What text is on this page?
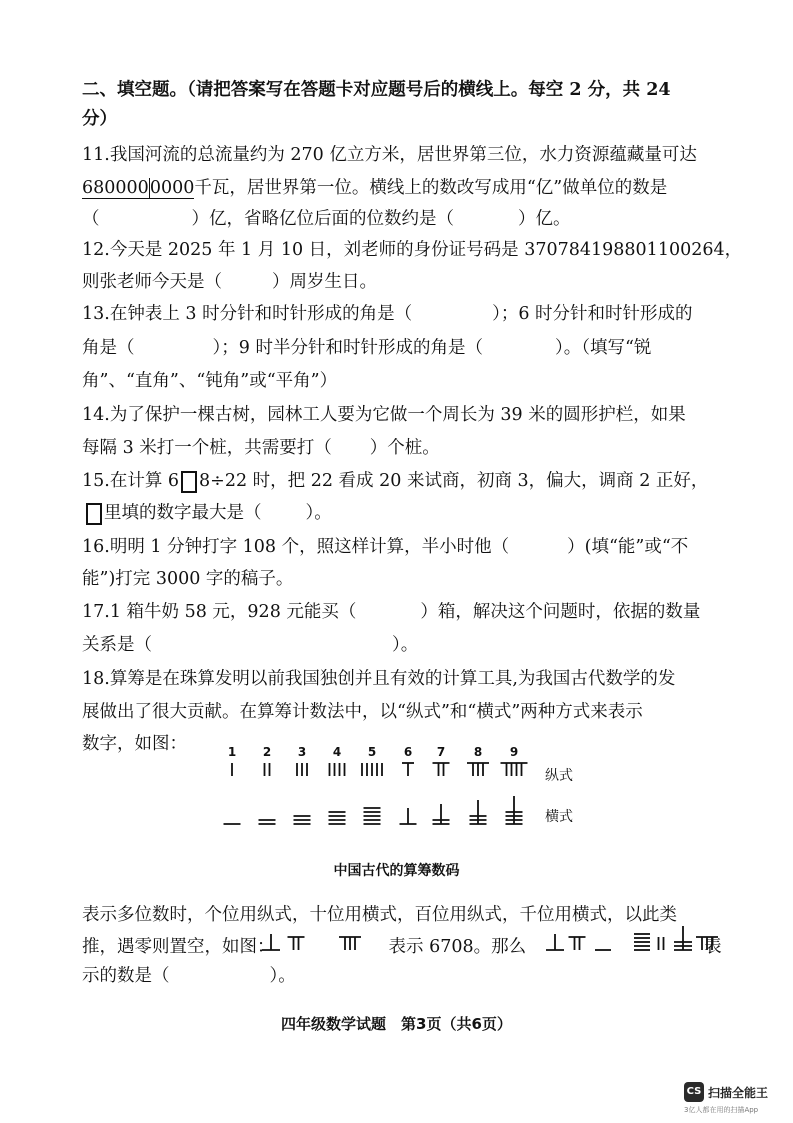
二、填空题。（请把答案写在答题卡对应题号后的横线上。每空 2 分，共 24
分）
11.我国河流的总流量约为 270 亿立方米，居世界第三位，水力资源蕴藏量可达
6800000000千瓦，居世界第一位。横线上的数改写成用“亿”做单位的数是
（	）亿，省略亿位后面的位数约是（	）亿。
12.今天是 2025 年 1 月 10 日，刘老师的身份证号码是 370784198801100264，
则张老师今天是（	）周岁生日。
13.在钟表上 3 时分针和时针形成的角是（	）；6 时分针和时针形成的
角是（	）；9 时半分针和时针形成的角是（	）。（填写“锐
角”、“直角”、“钝角”或“平角”）
14.为了保护一棵古树，园林工人要为它做一个周长为 39 米的圆形护栏，如果
每隔 3 米打一个桩，共需要打（ ）个桩。
15.在计算 6 8÷22 时，把 22 看成 20 来试商，初商 3，偏大，调商 2 正好，
里填的数字最大是（	）。
16.明明 1 分钟打字 108 个，照这样计算，半小时他（	）(填“能”或“不
能”)打完 3000 字的稿子。
17.1 箱牛奶 58 元，928 元能买（	）箱，解决这个问题时，依据的数量
关系是（	）。
18.算筹是在珠算发明以前我国独创并且有效的计算工具,为我国古代数学的发
展做出了很大贡献。在算筹计数法中，以“纵式”和“横式”两种方式来表示
数字，如图：	1 2 3 4 5 6 7 8 9
纵式
横式
中国古代的算筹数码
表示多位数时，个位用纵式，十位用横式，百位用纵式，千位用横式，以此类
推，遇零则置空，如图：	表示 6708。那么	表
示的数是（	）。
四年级数学试题　第3页（共6页）
CS 扫描全能王
3亿人都在用的扫描App
